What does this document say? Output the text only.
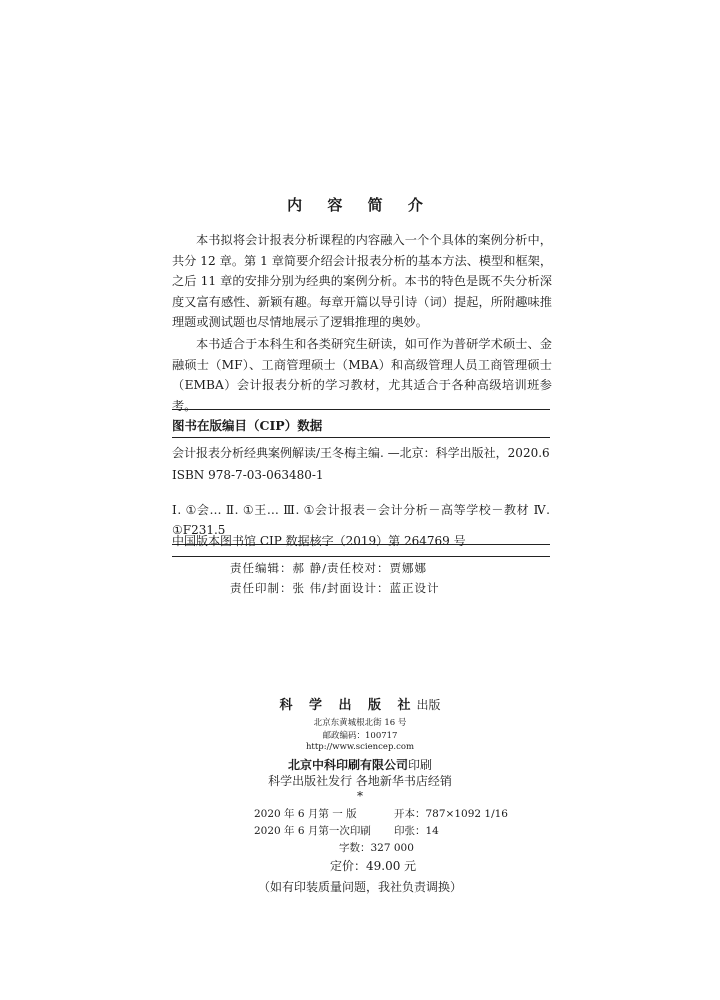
内 容 简 介

本书拟将会计报表分析课程的内容融入一个个具体的案例分析中，共分 12 章。第 1 章简要介绍会计报表分析的基本方法、模型和框架，之后 11 章的安排分别为经典的案例分析。本书的特色是既不失分析深度又富有感性、新颖有趣。每章开篇以导引诗（词）提起，所附趣味推理题或测试题也尽情地展示了逻辑推理的奥妙。

本书适合于本科生和各类研究生研读，如可作为普研学术硕士、金融硕士（MF）、工商管理硕士（MBA）和高级管理人员工商管理硕士（EMBA）会计报表分析的学习教材，尤其适合于各种高级培训班参考。

图书在版编目（CIP）数据
会计报表分析经典案例解读/王冬梅主编. —北京：科学出版社，2020.6
ISBN 978-7-03-063480-1
Ⅰ. ①会… Ⅱ. ①王… Ⅲ. ①会计报表－会计分析－高等学校－教材 Ⅳ. ①F231.5
中国版本图书馆 CIP 数据核字（2019）第 264769 号
责任编辑：郝 静/责任校对：贾娜娜
责任印制：张 伟/封面设计：蓝正设计
科 学 出 版 社出版
北京东黄城根北街 16 号
邮政编码：100717
http://www.sciencep.com
北京中科印刷有限公司印刷
科学出版社发行 各地新华书店经销
*
2020 年 6 月第 一 版	开本：787×1092 1/16
2020 年 6 月第一次印刷 印张：14
字数：327 000
定价：49.00 元
（如有印装质量问题，我社负责调换）
